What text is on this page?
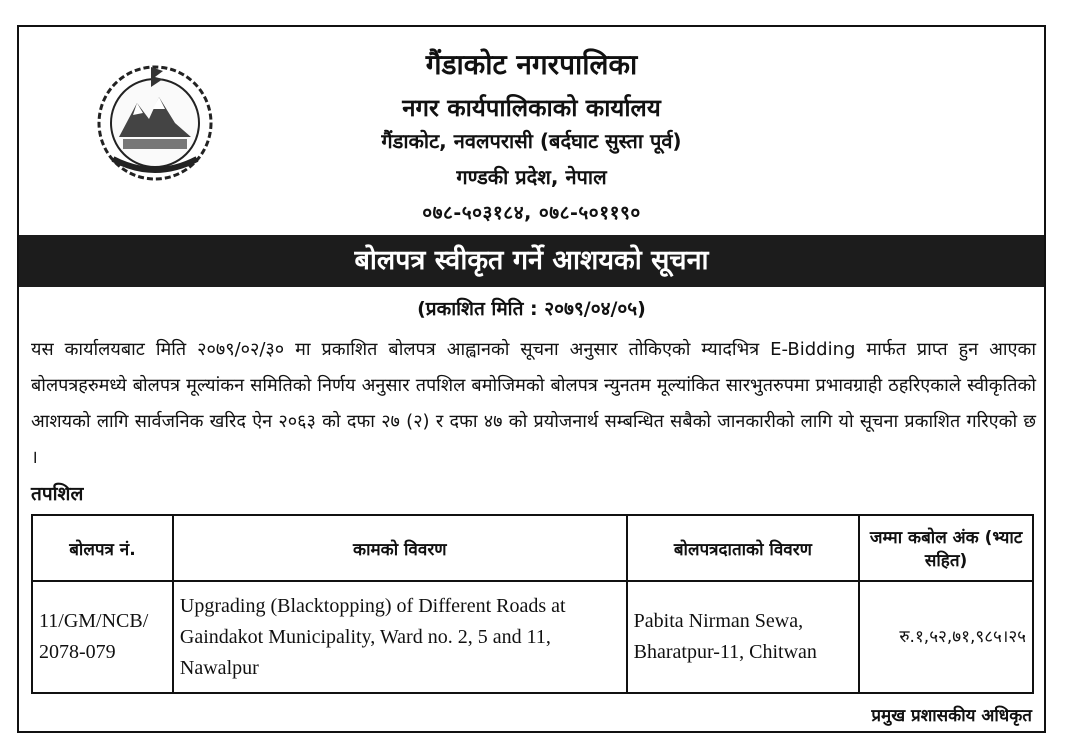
गैंडाकोट नगरपालिका
नगर कार्यपालिकाको कार्यालय
गैंडाकोट, नवलपरासी (बर्दघाट सुस्ता पूर्व)
गण्डकी प्रदेश, नेपाल
०७८-५०३१८४, ०७८-५०११९०
बोलपत्र स्वीकृत गर्ने आशयको सूचना
(प्रकाशित मिति : २०७९/०४/०५)
यस कार्यालयबाट मिति २०७९/०२/३० मा प्रकाशित बोलपत्र आह्वानको सूचना अनुसार तोकिएको म्यादभित्र E-Bidding मार्फत प्राप्त हुन आएका बोलपत्रहरुमध्ये बोलपत्र मूल्यांकन समितिको निर्णय अनुसार तपशिल बमोजिमको बोलपत्र न्युनतम मूल्यांकित सारभुतरुपमा प्रभावग्राही ठहरिएकाले स्वीकृतिको आशयको लागि सार्वजनिक खरिद ऐन २०६३ को दफा २७ (२) र दफा ४७ को प्रयोजनार्थ सम्बन्धित सबैको जानकारीको लागि यो सूचना प्रकाशित गरिएको छ ।
तपशिल
बोलपत्र नं.	कामको विवरण	बोलपत्रदाताको विवरण	जम्मा कबोल अंक (भ्याट सहित)
11/GM/NCB/ 2078-079	Upgrading (Blacktopping) of Different Roads at Gaindakot Municipality, Ward no. 2, 5 and 11, Nawalpur	Pabita Nirman Sewa, Bharatpur-11, Chitwan	रु.१,५२,७१,९८५।२५
प्रमुख प्रशासकीय अधिकृत
